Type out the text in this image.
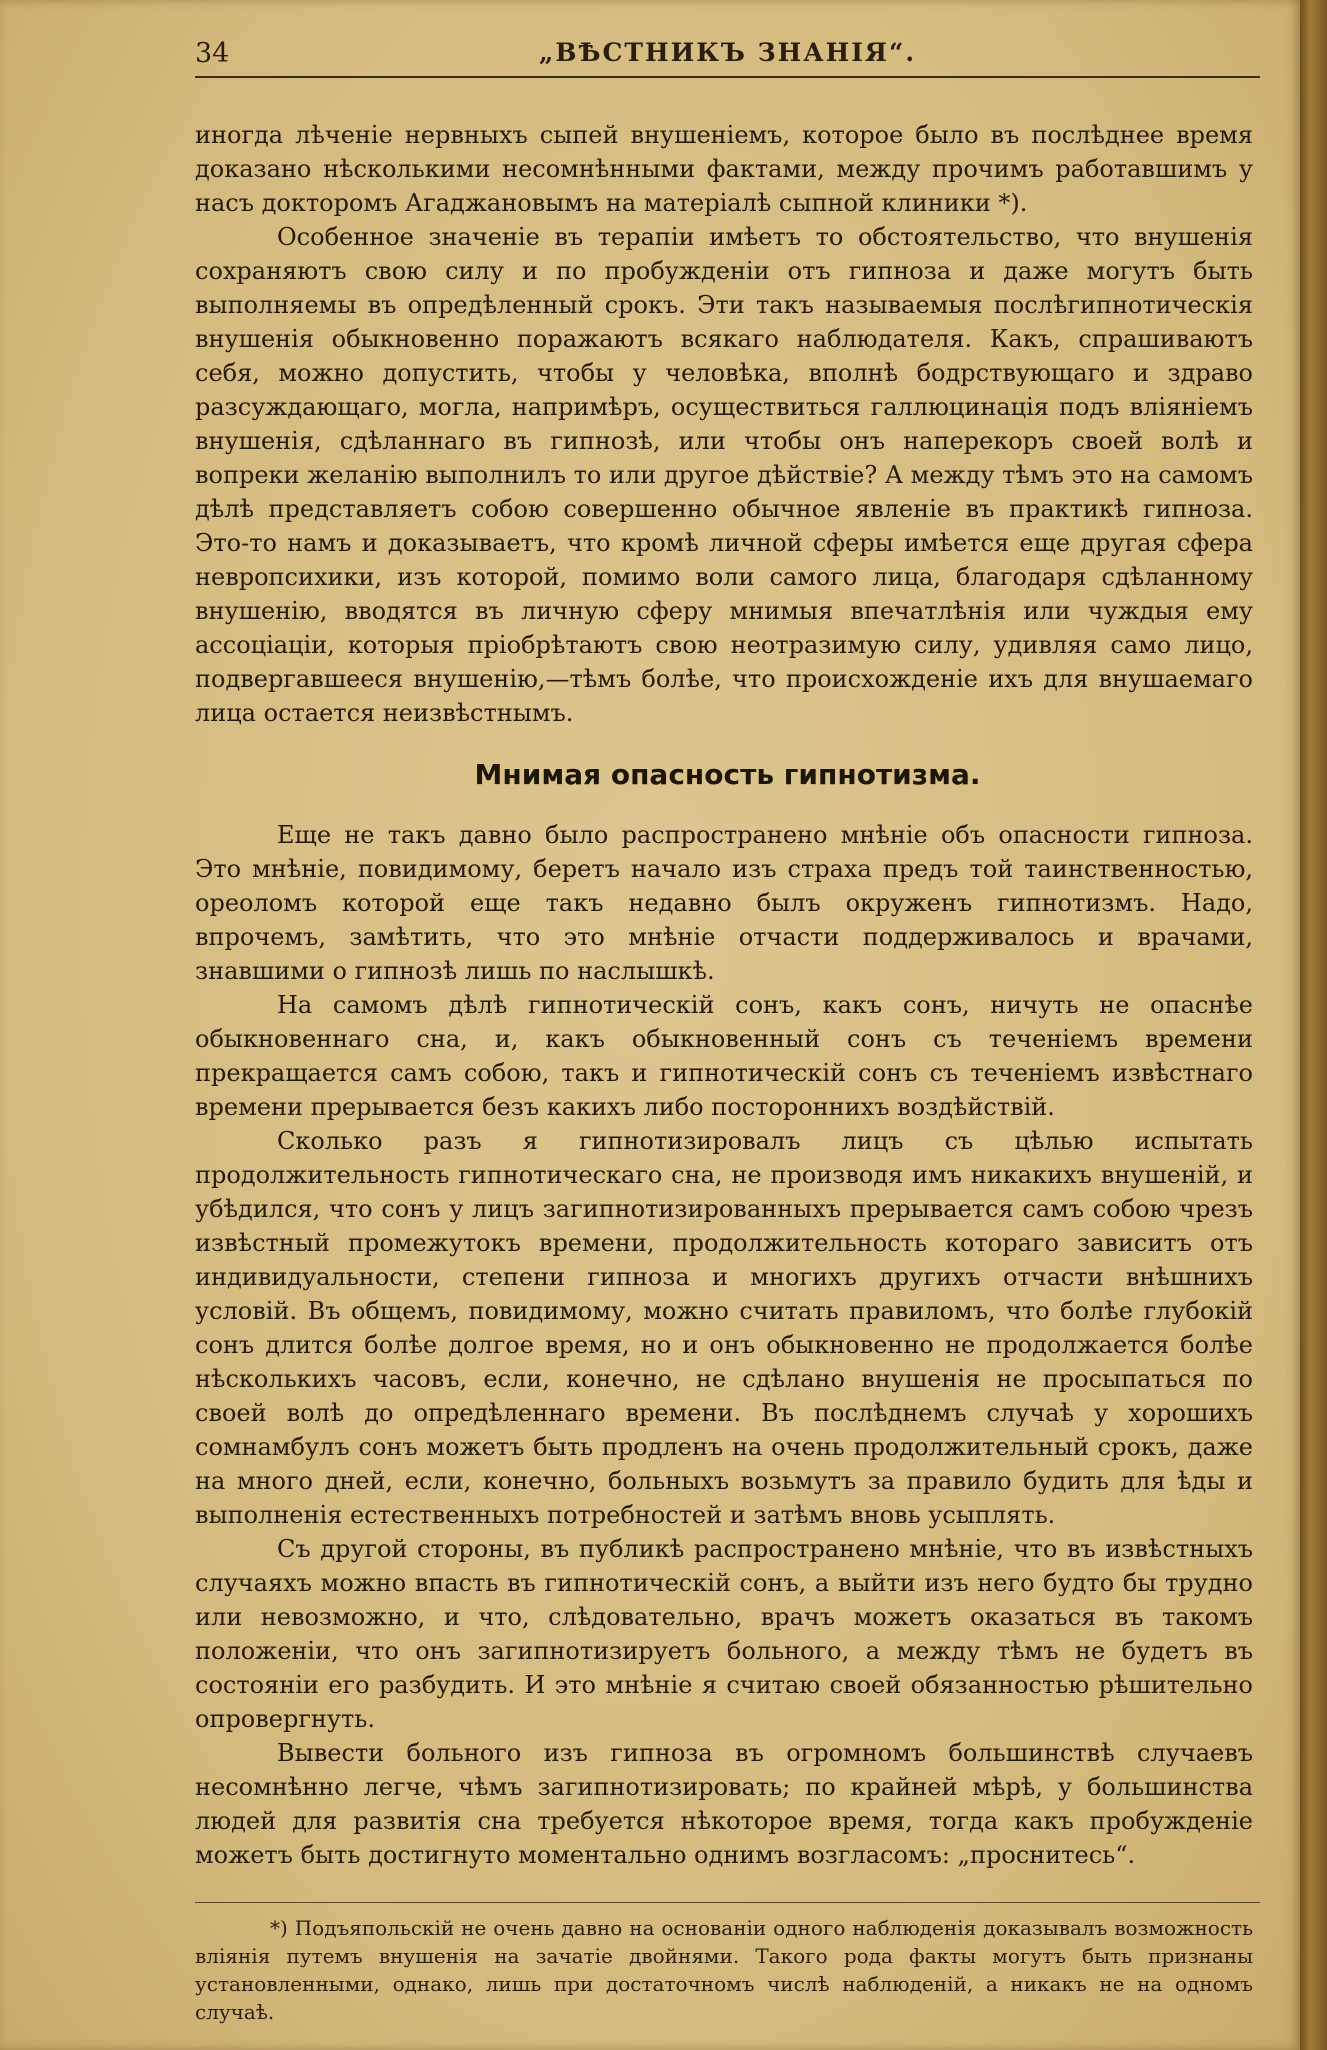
34	„ВѢСТНИКЪ ЗНАНІЯ“.

иногда лѣченіе нервныхъ сыпей внушеніемъ, которое было въ послѣднее время доказано нѣсколькими несомнѣнными фактами, между прочимъ работавшимъ у насъ докторомъ Агаджановымъ на матеріалѣ сыпной клиники *).

Особенное значеніе въ терапіи имѣетъ то обстоятельство, что внушенія сохраняютъ свою силу и по пробужденіи отъ гипноза и даже могутъ быть выполняемы въ опредѣленный срокъ. Эти такъ называемыя послѣгипнотическія внушенія обыкновенно поражаютъ всякаго наблюдателя. Какъ, спрашиваютъ себя, можно допустить, чтобы у человѣка, вполнѣ бодрствующаго и здраво разсуждающаго, могла, напримѣръ, осуществиться галлюцинація подъ вліяніемъ внушенія, сдѣланнаго въ гипнозѣ, или чтобы онъ наперекоръ своей волѣ и вопреки желанію выполнилъ то или другое дѣйствіе? А между тѣмъ это на самомъ дѣлѣ представляетъ собою совершенно обычное явленіе въ практикѣ гипноза. Это-то намъ и доказываетъ, что кромѣ личной сферы имѣется еще другая сфера невропсихики, изъ которой, помимо воли самого лица, благодаря сдѣланному внушенію, вводятся въ личную сферу мнимыя впечатлѣнія или чуждыя ему ассоціаціи, которыя пріобрѣтаютъ свою неотразимую силу, удивляя само лицо, подвергавшееся внушенію,—тѣмъ болѣе, что происхожденіе ихъ для внушаемаго лица остается неизвѣстнымъ.

Мнимая опасность гипнотизма.

Еще не такъ давно было распространено мнѣніе объ опасности гипноза. Это мнѣніе, повидимому, беретъ начало изъ страха предъ той таинственностью, ореоломъ которой еще такъ недавно былъ окруженъ гипнотизмъ. Надо, впрочемъ, замѣтить, что это мнѣніе отчасти поддерживалось и врачами, знавшими о гипнозѣ лишь по наслышкѣ.

На самомъ дѣлѣ гипнотическій сонъ, какъ сонъ, ничуть не опаснѣе обыкновеннаго сна, и, какъ обыкновенный сонъ съ теченіемъ времени прекращается самъ собою, такъ и гипнотическій сонъ съ теченіемъ извѣстнаго времени прерывается безъ какихъ либо постороннихъ воздѣйствій.

Сколько разъ я гипнотизировалъ лицъ съ цѣлью испытать продолжительность гипнотическаго сна, не производя имъ никакихъ внушеній, и убѣдился, что сонъ у лицъ загипнотизированныхъ прерывается самъ собою чрезъ извѣстный промежутокъ времени, продолжительность котораго зависитъ отъ индивидуальности, степени гипноза и многихъ другихъ отчасти внѣшнихъ условій. Въ общемъ, повидимому, можно считать правиломъ, что болѣе глубокій сонъ длится болѣе долгое время, но и онъ обыкновенно не продолжается болѣе нѣсколькихъ часовъ, если, конечно, не сдѣлано внушенія не просыпаться по своей волѣ до опредѣленнаго времени. Въ послѣднемъ случаѣ у хорошихъ сомнамбулъ сонъ можетъ быть продленъ на очень продолжительный срокъ, даже на много дней, если, конечно, больныхъ возьмутъ за правило будить для ѣды и выполненія естественныхъ потребностей и затѣмъ вновь усыплять.

Съ другой стороны, въ публикѣ распространено мнѣніе, что въ извѣстныхъ случаяхъ можно впасть въ гипнотическій сонъ, а выйти изъ него будто бы трудно или невозможно, и что, слѣдовательно, врачъ можетъ оказаться въ такомъ положеніи, что онъ загипнотизируетъ больного, а между тѣмъ не будетъ въ состояніи его разбудить. И это мнѣніе я считаю своей обязанностью рѣшительно опровергнуть.

Вывести больного изъ гипноза въ огромномъ большинствѣ случаевъ несомнѣнно легче, чѣмъ загипнотизировать; по крайней мѣрѣ, у большинства людей для развитія сна требуется нѣкоторое время, тогда какъ пробужденіе можетъ быть достигнуто моментально однимъ возгласомъ: „проснитесь“.

*) Подъяпольскій не очень давно на основаніи одного наблюденія доказывалъ возможность вліянія путемъ внушенія на зачатіе двойнями. Такого рода факты могутъ быть признаны установленными, однако, лишь при достаточномъ числѣ наблюденій, а никакъ не на одномъ случаѣ.
